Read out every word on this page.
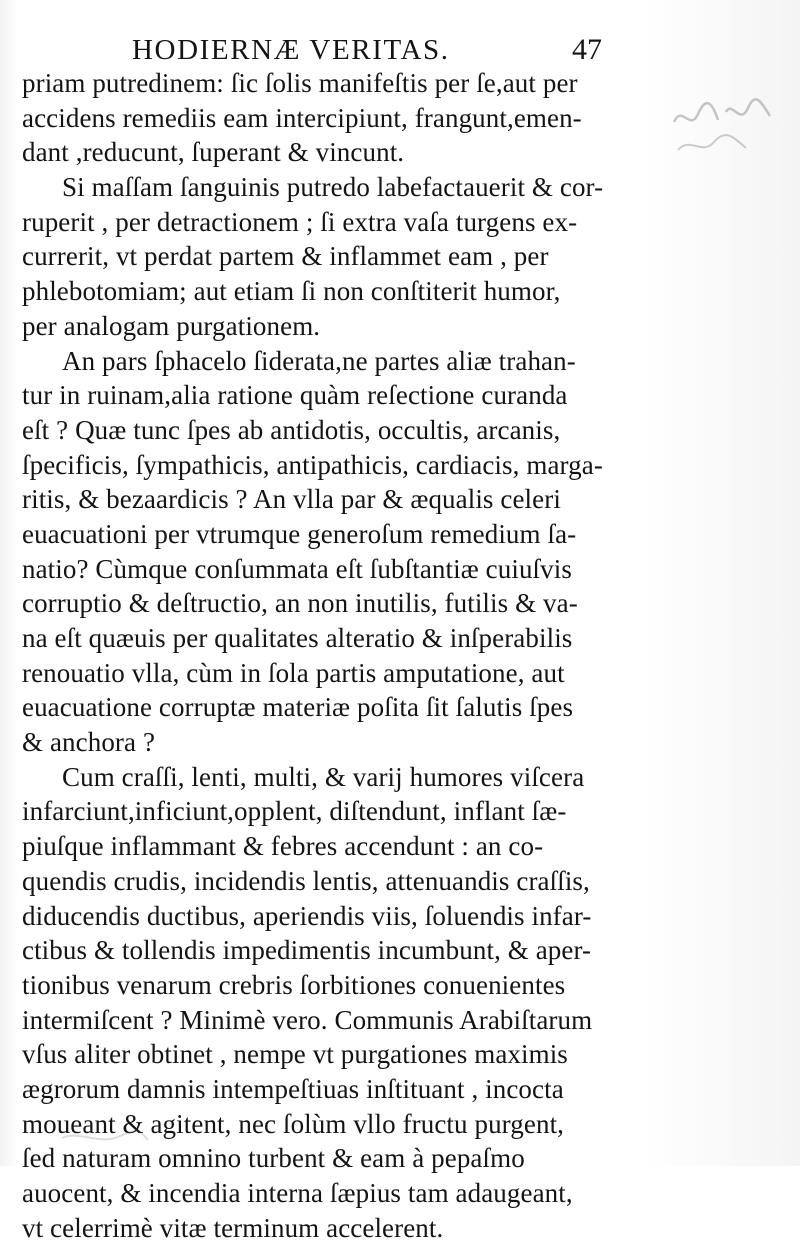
HODIERNÆ VERITAS.	47
priam putredinem: ſic ſolis manifeſtis per ſe,aut per
accidens remediis eam intercipiunt, frangunt,emen-
dant ,reducunt, ſuperant & vincunt.
Si maſſam ſanguinis putredo labefactauerit & cor-
ruperit , per detractionem ; ſi extra vaſa turgens ex-
currerit, vt perdat partem & inflammet eam , per
phlebotomiam; aut etiam ſi non conſtiterit humor,
per analogam purgationem.
An pars ſphacelo ſiderata,ne partes aliæ trahan-
tur in ruinam,alia ratione quàm reſectione curanda
eſt ? Quæ tunc ſpes ab antidotis, occultis, arcanis,
ſpecificis, ſympathicis, antipathicis, cardiacis, marga-
ritis, & bezaardicis ? An vlla par & æqualis celeri
euacuationi per vtrumque generoſum remedium ſa-
natio? Cùmque conſummata eſt ſubſtantiæ cuiuſvis
corruptio & deſtructio, an non inutilis, futilis & va-
na eſt quæuis per qualitates alteratio & inſperabilis
renouatio vlla, cùm in ſola partis amputatione, aut
euacuatione corruptæ materiæ poſita ſit ſalutis ſpes
& anchora ?
Cum craſſi, lenti, multi, & varij humores viſcera
infarciunt,inficiunt,opplent, diſtendunt, inflant ſæ-
piuſque inflammant & febres accendunt : an co-
quendis crudis, incidendis lentis, attenuandis craſſis,
diducendis ductibus, aperiendis viis, ſoluendis infar-
ctibus & tollendis impedimentis incumbunt, & aper-
tionibus venarum crebris ſorbitiones conuenientes
intermiſcent ? Minimè vero. Communis Arabiſtarum
vſus aliter obtinet , nempe vt purgationes maximis
ægrorum damnis intempeſtiuas inſtituant , incocta
moueant & agitent, nec ſolùm vllo fructu purgent,
ſed naturam omnino turbent & eam à pepaſmo
auocent, & incendia interna ſæpius tam adaugeant,
vt celerrimè vitæ terminum accelerent.
